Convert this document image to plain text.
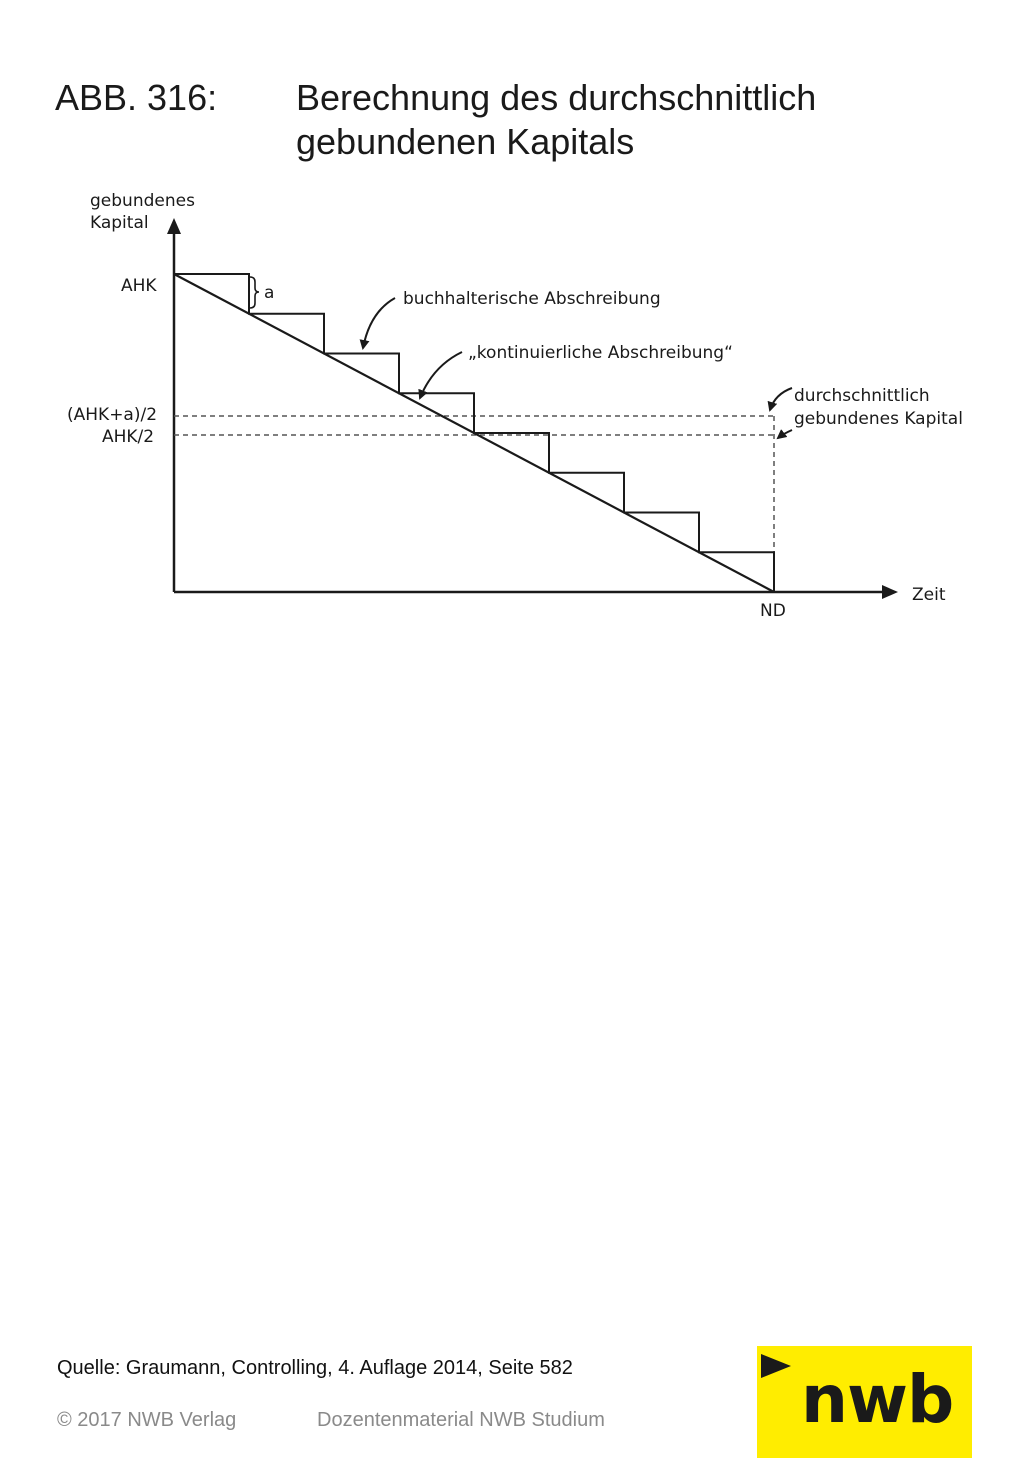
ABB. 316: Berechnung des durchschnittlich
gebundenen Kapitals
gebundenes
Kapital
Zeit
ND
AHK
(AHK+a)/2
AHK/2
a	buchhalterische Abschreibung
„kontinuierliche Abschreibung“
durchschnittlich
gebundenes Kapital
Quelle: Graumann, Controlling, 4. Auflage 2014, Seite 582
© 2017 NWB Verlag	Dozentenmaterial NWB Studium	nwb
